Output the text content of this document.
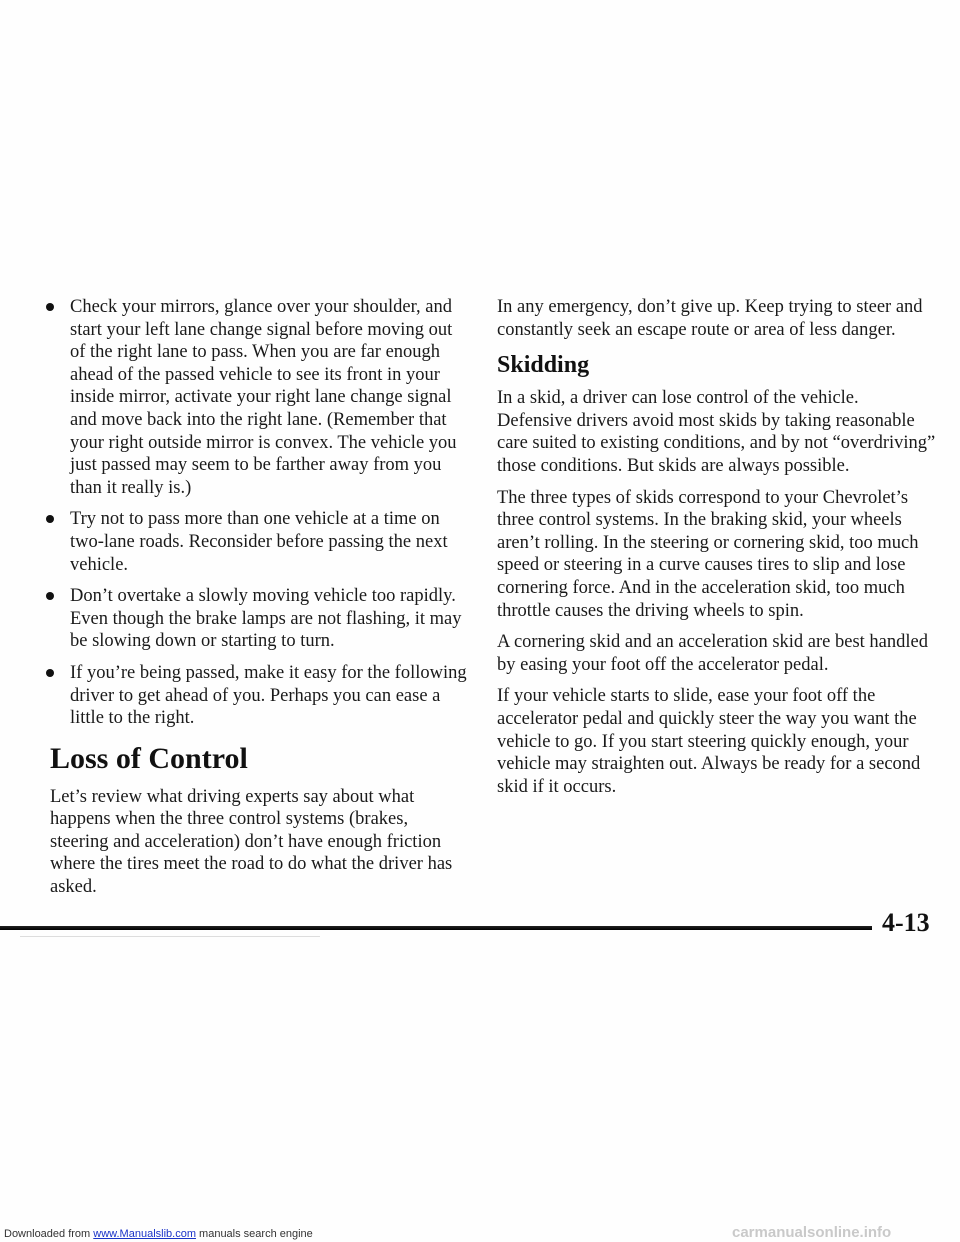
Check your mirrors, glance over your shoulder, and start your left lane change signal before moving out of the right lane to pass. When you are far enough ahead of the passed vehicle to see its front in your inside mirror, activate your right lane change signal and move back into the right lane. (Remember that your right outside mirror is convex. The vehicle you just passed may seem to be farther away from you than it really is.)
Try not to pass more than one vehicle at a time on two-lane roads. Reconsider before passing the next vehicle.
Don’t overtake a slowly moving vehicle too rapidly. Even though the brake lamps are not flashing, it may be slowing down or starting to turn.
If you’re being passed, make it easy for the following driver to get ahead of you. Perhaps you can ease a little to the right.
Loss of Control

Let’s review what driving experts say about what happens when the three control systems (brakes, steering and acceleration) don’t have enough friction where the tires meet the road to do what the driver has asked.

In any emergency, don’t give up. Keep trying to steer and constantly seek an escape route or area of less danger.

Skidding

In a skid, a driver can lose control of the vehicle. Defensive drivers avoid most skids by taking reasonable care suited to existing conditions, and by not “overdriving” those conditions. But skids are always possible.

The three types of skids correspond to your Chevrolet’s three control systems. In the braking skid, your wheels aren’t rolling. In the steering or cornering skid, too much speed or steering in a curve causes tires to slip and lose cornering force. And in the acceleration skid, too much throttle causes the driving wheels to spin.

A cornering skid and an acceleration skid are best handled by easing your foot off the accelerator pedal.

If your vehicle starts to slide, ease your foot off the accelerator pedal and quickly steer the way you want the vehicle to go. If you start steering quickly enough, your vehicle may straighten out. Always be ready for a second skid if it occurs.

4-13
Downloaded from www.Manualslib.com manuals search engine	carmanualsonline.info
